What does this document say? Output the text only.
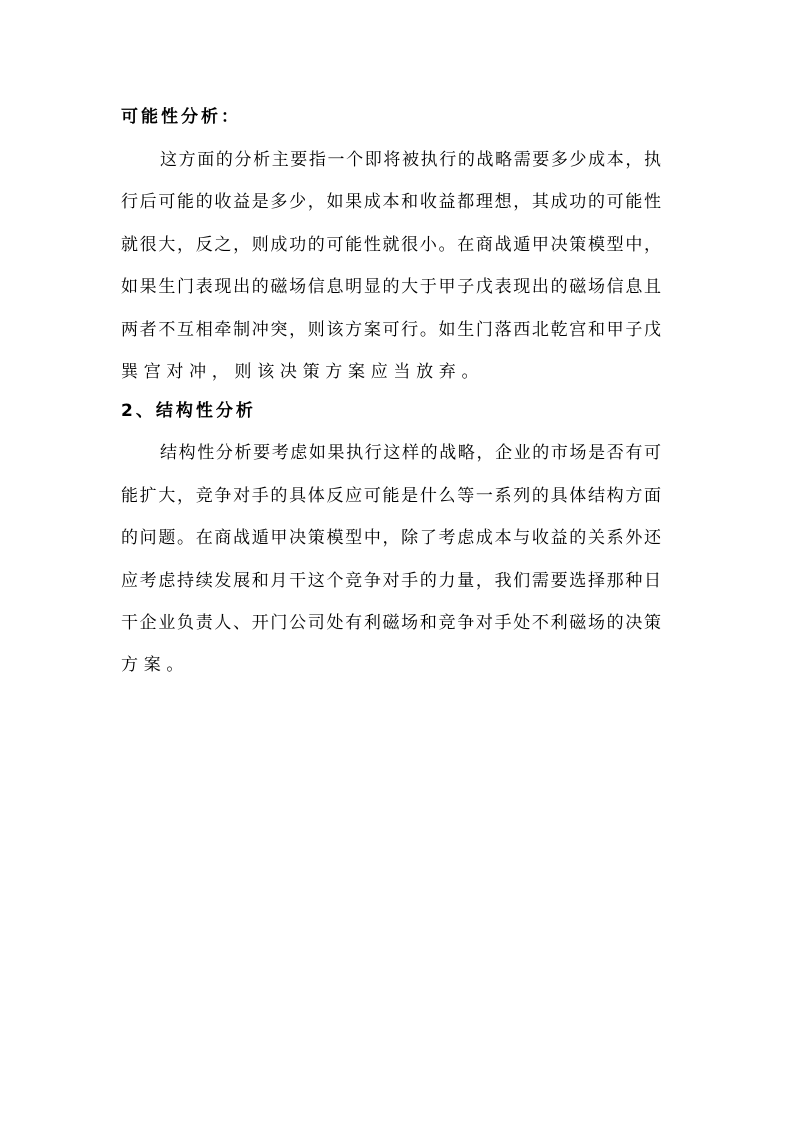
可能性分析：
这方面的分析主要指一个即将被执行的战略需要多少成本，执
行后可能的收益是多少，如果成本和收益都理想，其成功的可能性
就很大，反之，则成功的可能性就很小。在商战遁甲决策模型中，
如果生门表现出的磁场信息明显的大于甲子戊表现出的磁场信息且
两者不互相牵制冲突，则该方案可行。如生门落西北乾宫和甲子戊
巽宫对冲，则该决策方案应当放弃。
2、结构性分析
结构性分析要考虑如果执行这样的战略，企业的市场是否有可
能扩大，竞争对手的具体反应可能是什么等一系列的具体结构方面
的问题。在商战遁甲决策模型中，除了考虑成本与收益的关系外还
应考虑持续发展和月干这个竞争对手的力量，我们需要选择那种日
干企业负责人、开门公司处有利磁场和竞争对手处不利磁场的决策
方案。
